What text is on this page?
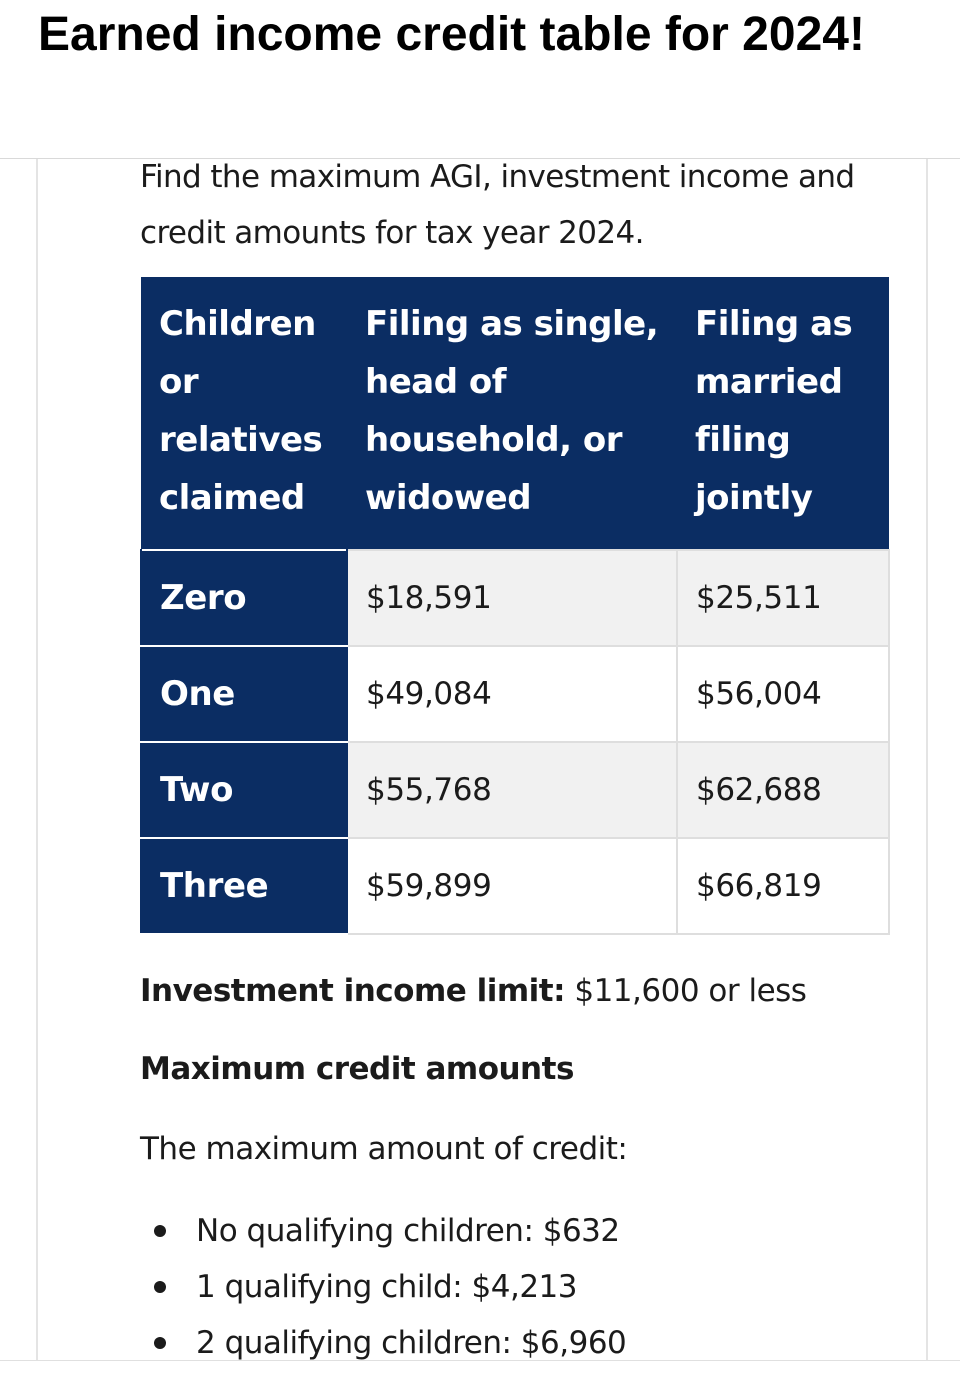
Earned income credit table for 2024!

Find the maximum AGI, investment income and credit amounts for tax year 2024.

Children or relatives claimed	Filing as single, head of household, or widowed	Filing as married filing jointly
Zero	$18,591	$25,511
One	$49,084	$56,004
Two	$55,768	$62,688
Three	$59,899	$66,819

Investment income limit: $11,600 or less

Maximum credit amounts

The maximum amount of credit:

No qualifying children: $632
1 qualifying child: $4,213
2 qualifying children: $6,960
